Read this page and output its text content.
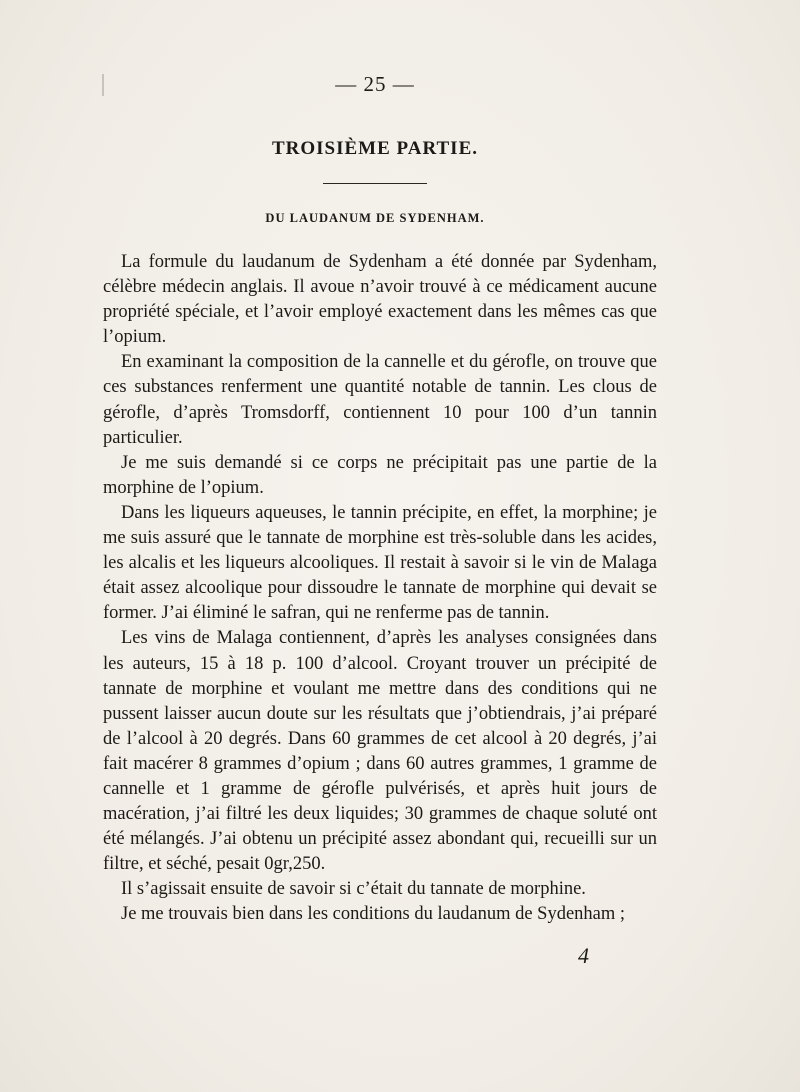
— 25 —
TROISIÈME PARTIE.
DU LAUDANUM DE SYDENHAM.

La formule du laudanum de Sydenham a été donnée par Sydenham, célèbre médecin anglais. Il avoue n’avoir trouvé à ce médicament aucune propriété spéciale, et l’avoir employé exactement dans les mêmes cas que l’opium.

En examinant la composition de la cannelle et du gérofle, on trouve que ces substances renferment une quantité notable de tannin. Les clous de gérofle, d’après Tromsdorff, contiennent 10 pour 100 d’un tannin particulier.

Je me suis demandé si ce corps ne précipitait pas une partie de la morphine de l’opium.

Dans les liqueurs aqueuses, le tannin précipite, en effet, la morphine; je me suis assuré que le tannate de morphine est très-soluble dans les acides, les alcalis et les liqueurs alcooliques. Il restait à savoir si le vin de Malaga était assez alcoolique pour dissoudre le tannate de morphine qui devait se former. J’ai éliminé le safran, qui ne renferme pas de tannin.

Les vins de Malaga contiennent, d’après les analyses consignées dans les auteurs, 15 à 18 p. 100 d’alcool. Croyant trouver un précipité de tannate de morphine et voulant me mettre dans des conditions qui ne pussent laisser aucun doute sur les résultats que j’obtiendrais, j’ai préparé de l’alcool à 20 degrés. Dans 60 grammes de cet alcool à 20 degrés, j’ai fait macérer 8 grammes d’opium ; dans 60 autres grammes, 1 gramme de cannelle et 1 gramme de gérofle pulvérisés, et après huit jours de macération, j’ai filtré les deux liquides; 30 grammes de chaque soluté ont été mélangés. J’ai obtenu un précipité assez abondant qui, recueilli sur un filtre, et séché, pesait 0gr,250.

Il s’agissait ensuite de savoir si c’était du tannate de morphine.

Je me trouvais bien dans les conditions du laudanum de Sydenham ;

4
